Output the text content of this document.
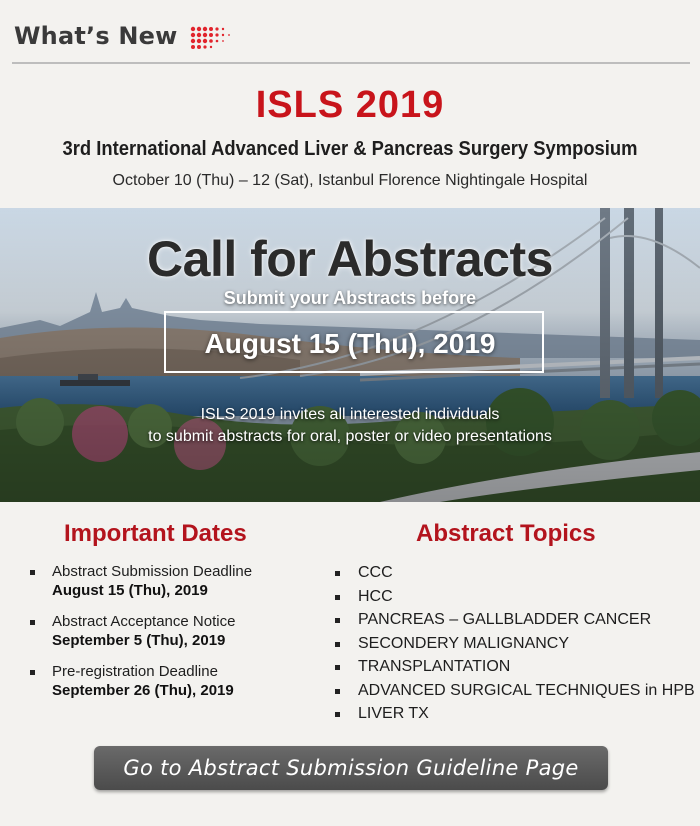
What’s New
ISLS 2019
3rd International Advanced Liver & Pancreas Surgery Symposium
October 10 (Thu) – 12 (Sat), Istanbul Florence Nightingale Hospital
Call for Abstracts
Submit your Abstracts before
August 15 (Thu), 2019
ISLS 2019 invites all interested individuals
to submit abstracts for oral, poster or video presentations
Important Dates
Abstract Submission Deadline
August 15 (Thu), 2019
Abstract Acceptance Notice
September 5 (Thu), 2019
Pre-registration Deadline
September 26 (Thu), 2019
Abstract Topics
CCC
HCC
PANCREAS – GALLBLADDER CANCER
SECONDERY MALIGNANCY
TRANSPLANTATION
ADVANCED SURGICAL TECHNIQUES in HPB
LIVER TX
Go to Abstract Submission Guideline Page
